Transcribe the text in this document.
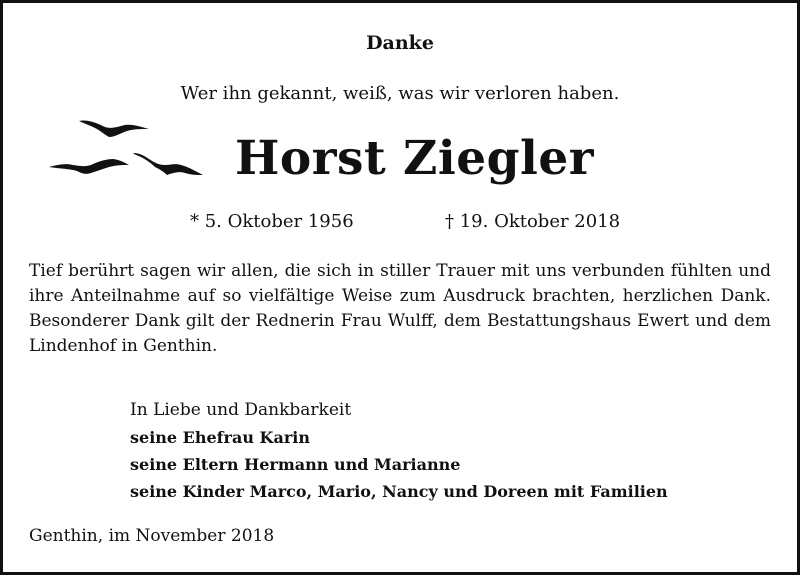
Danke
Wer ihn gekannt, weiß, was wir verloren haben.
Horst Ziegler
* 5. Oktober 1956	† 19. Oktober 2018
Tief berührt sagen wir allen, die sich in stiller Trauer mit uns verbunden fühlten und
ihre Anteilnahme auf so vielfältige Weise zum Ausdruck brachten, herzlichen Dank.
Besonderer Dank gilt der Rednerin Frau Wulff, dem Bestattungshaus Ewert und dem
Lindenhof in Genthin.
In Liebe und Dankbarkeit
seine Ehefrau Karin
seine Eltern Hermann und Marianne
seine Kinder Marco, Mario, Nancy und Doreen mit Familien
Genthin, im November 2018
